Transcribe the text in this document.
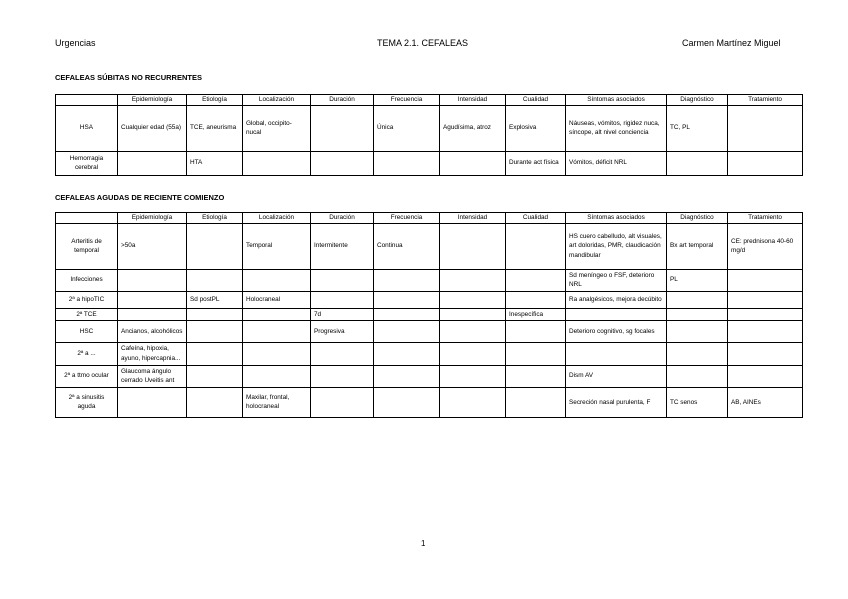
Urgencias	TEMA 2.1. CEFALEAS	Carmen Martínez Miguel
CEFALEAS SÚBITAS NO RECURRENTES
	Epidemiología	Etiología	Localización	Duración	Frecuencia	Intensidad	Cualidad	Síntomas asociados	Diagnóstico	Tratamiento
HSA	Cualquier edad (55a)	TCE, aneurisma	Global, occipito-nucal		Única	Agudísima, atroz	Explosiva	Náuseas, vómitos, rigidez nuca, síncope, alt nivel conciencia	TC, PL	
Hemorragia cerebral		HTA					Durante act física	Vómitos, déficit NRL		
CEFALEAS AGUDAS DE RECIENTE COMIENZO
	Epidemiología	Etiología	Localización	Duración	Frecuencia	Intensidad	Cualidad	Síntomas asociados	Diagnóstico	Tratamiento
Arteritis de temporal	>50a		Temporal	Intermitente	Continua			HS cuero cabelludo, alt visuales, art doloridas, PMR, claudicación mandibular	Bx art temporal	CE: prednisona 40-60 mg/d
Infecciones								Sd meníngeo o FSF, deterioro NRL	PL	
2ª a hipoTIC		Sd postPL	Holocraneal					Ra analgésicos, mejora decúbito		
2ª TCE				7d			Inespecífica			
HSC	Ancianos, alcohólicos			Progresiva				Deterioro cognitivo, sg focales		
2ª a ...	Cafeína, hipoxia, ayuno, hipercapnia...									
2ª a ttmo ocular	Glaucoma ángulo cerrado Uveitis ant							Dism AV		
2ª a sinusitis aguda			Maxilar, frontal, holocraneal					Secreción nasal purulenta, F	TC senos	AB, AINEs
1
